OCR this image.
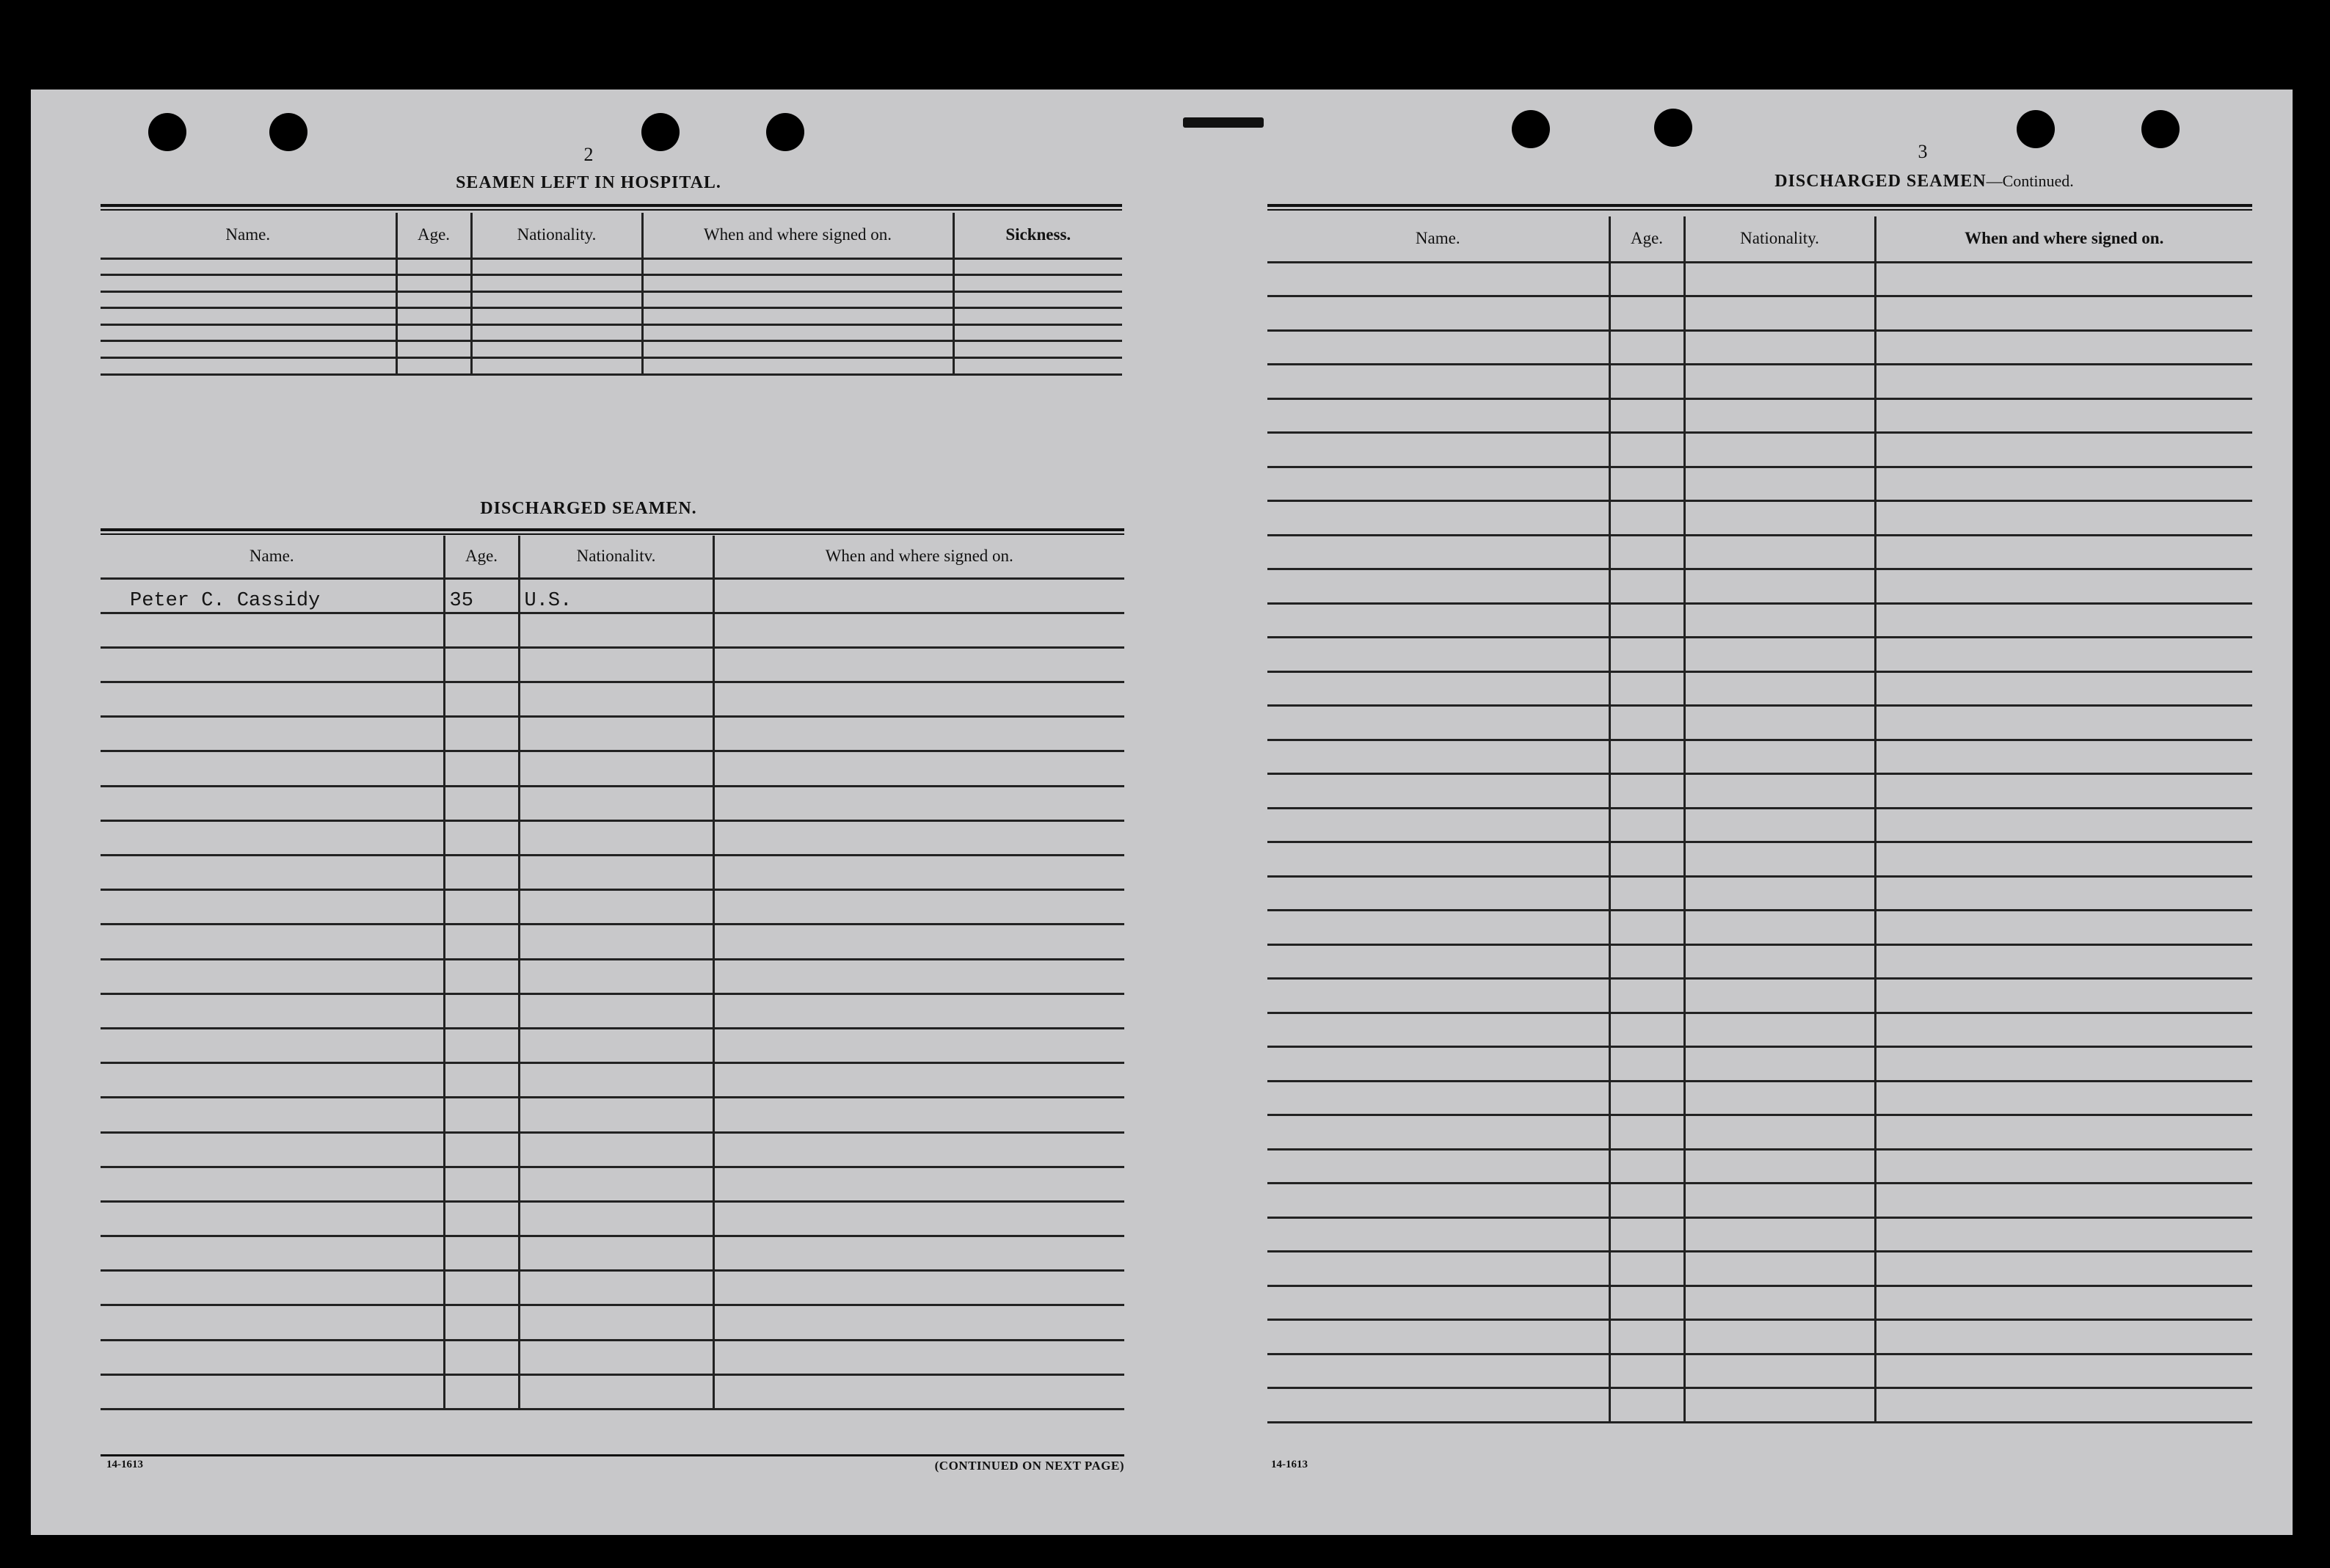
2
SEAMEN LEFT IN HOSPITAL.
Name.	Age.	Nationality.	When and where signed on.	Sickness.

DISCHARGED SEAMEN.
Name.	Age.	Nationalitv.	When and where signed on.
Peter C. Cassidy	35	U.S.	

14-1613	(CONTINUED ON NEXT PAGE)
3
DISCHARGED SEAMEN—Continued.
Name.	Age.	Nationality.	When and where signed on.

14-1613
